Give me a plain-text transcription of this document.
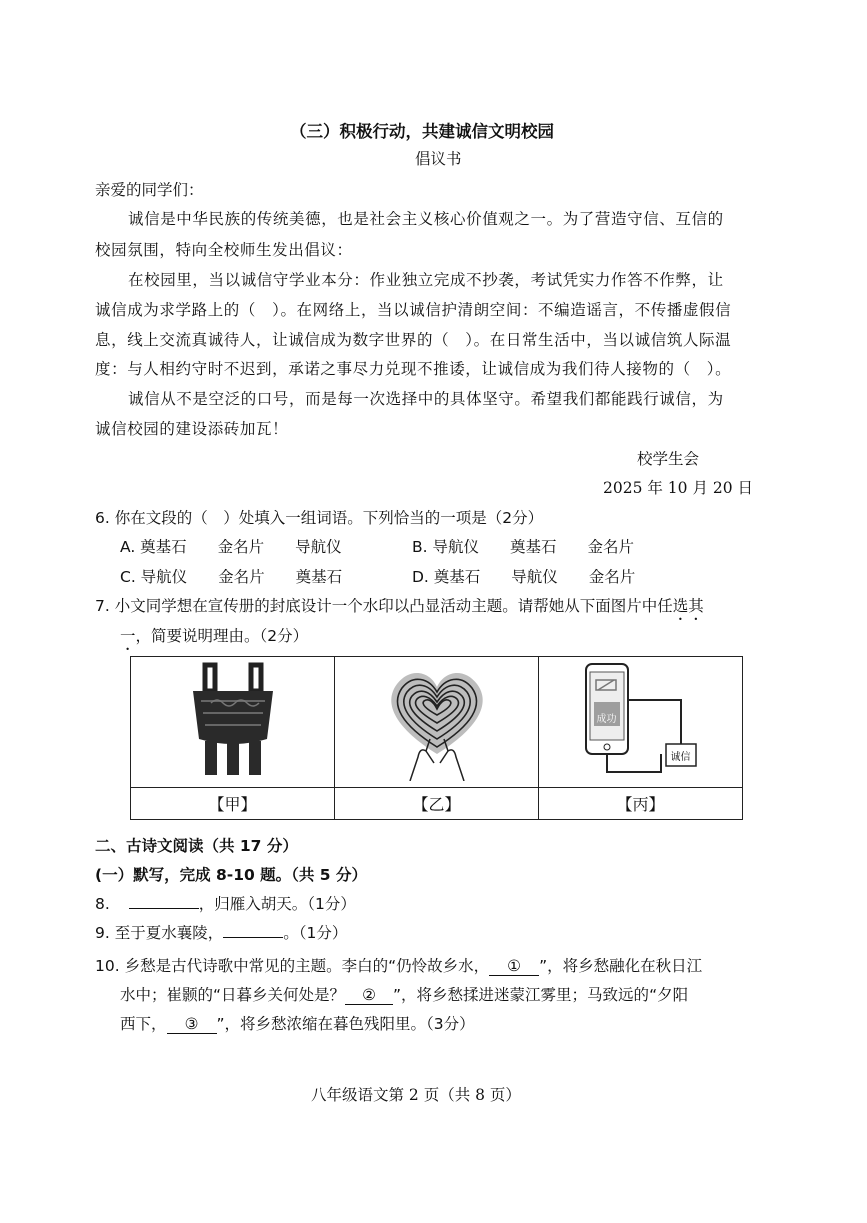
（三）积极行动，共建诚信文明校园
倡议书
亲爱的同学们：
诚信是中华民族的传统美德，也是社会主义核心价值观之一。为了营造守信、互信的
校园氛围，特向全校师生发出倡议：
在校园里，当以诚信守学业本分：作业独立完成不抄袭，考试凭实力作答不作弊，让
诚信成为求学路上的（　）。在网络上，当以诚信护清朗空间：不编造谣言，不传播虚假信
息，线上交流真诚待人，让诚信成为数字世界的（　）。在日常生活中，当以诚信筑人际温
度：与人相约守时不迟到，承诺之事尽力兑现不推诿，让诚信成为我们待人接物的（　）。
诚信从不是空泛的口号，而是每一次选择中的具体坚守。希望我们都能践行诚信，为
诚信校园的建设添砖加瓦！
校学生会
2025 年 10 月 20 日
6. 你在文段的（　）处填入一组词语。下列恰当的一项是（2分）
A. 奠基石　　金名片　　导航仪	B. 导航仪　　奠基石　　金名片
C. 导航仪　　金名片　　奠基石	D. 奠基石　　导航仪　　金名片
7. 小文同学想在宣传册的封底设计一个水印以凸显活动主题。请帮她从下面图片中任选其
一，简要说明理由。（2分）

成功
诚信

【甲】	【乙】	【丙】
二、古诗文阅读（共 17 分）
(一）默写，完成 8-10 题。（共 5 分）
8.	，归雁入胡天。（1分）
9. 至于夏水襄陵，	。（1分）
10. 乡愁是古代诗歌中常见的主题。李白的“仍怜故乡水， ① ”，将乡愁融化在秋日江
水中；崔颢的“日暮乡关何处是？ ② ”，将乡愁揉进迷蒙江雾里；马致远的“夕阳
西下， ③ ”，将乡愁浓缩在暮色残阳里。（3分）
八年级语文第 2 页（共 8 页）
